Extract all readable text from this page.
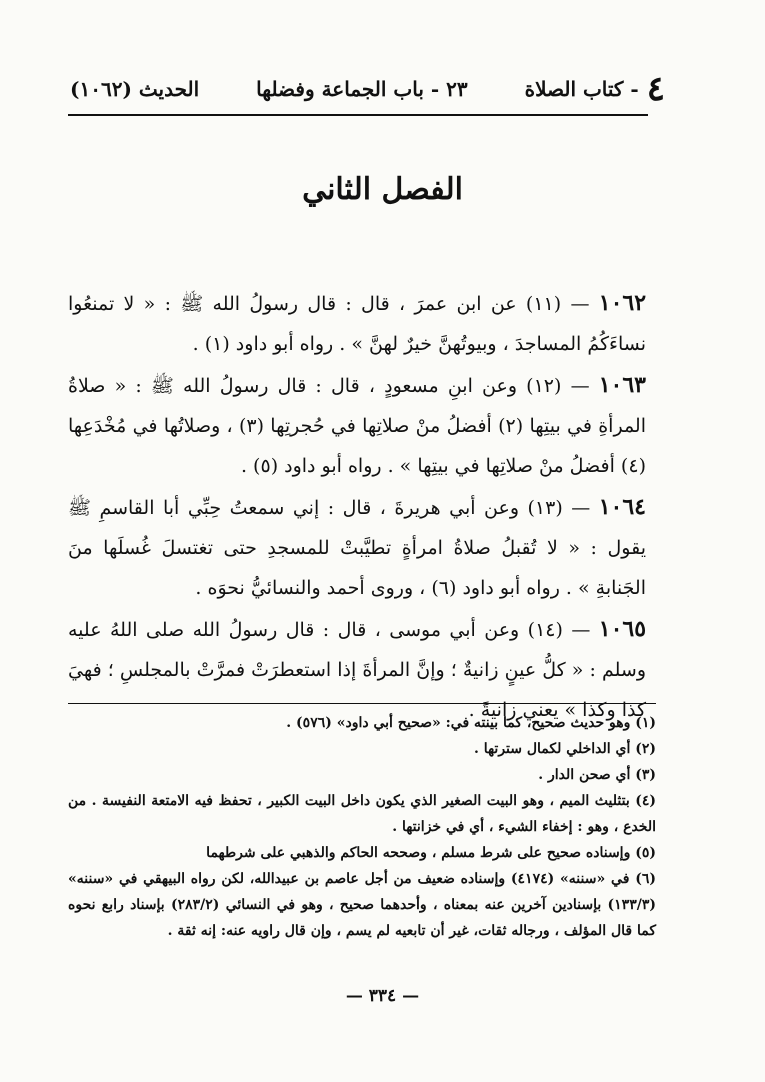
٤
- كتاب الصلاة
٢٣ - باب الجماعة وفضلها
الحديث (١٠٦٢)
الفصل الثاني
١٠٦٢ — (١١) عن ابن عمرَ ، قال : قال رسولُ الله ﷺ : « لا تمنعُوا نساءَكُمُ المساجدَ ، وبيوتُهنَّ خيرٌ لهنَّ » . رواه أبو داود (١) .
١٠٦٣ — (١٢) وعن ابنِ مسعودٍ ، قال : قال رسولُ الله ﷺ : « صلاةُ المرأةِ في بيتِها (٢) أفضلُ منْ صلاتِها في حُجرتِها (٣) ، وصلاتُها في مُخْدَعِها (٤) أفضلُ منْ صلاتِها في بيتِها » . رواه أبو داود (٥) .
١٠٦٤ — (١٣) وعن أبي هريرةَ ، قال : إني سمعتُ حِبِّي أبا القاسمِ ﷺ يقول : « لا تُقبلُ صلاةُ امرأةٍ تطيَّبتْ للمسجدِ حتى تغتسلَ غُسلَها منَ الجَنابةِ » . رواه أبو داود (٦) ، وروى أحمد والنسائيُّ نحوَه .
١٠٦٥ — (١٤) وعن أبي موسى ، قال : قال رسولُ الله صلى اللهُ عليه وسلم : « كلُّ عينٍ زانيةٌ ؛ وإنَّ المرأةَ إذا استعطرَتْ فمرَّتْ بالمجلسِ ؛ فهيَ كذا وكذا » يعني زانيةً .

(١) وهو حديث صحيح، كما بينته في: «صحيح أبي داود» (٥٧٦) .

(٢) أي الداخلي لكمال سترتها .

(٣) أي صحن الدار .

(٤) بتثليث الميم ، وهو البيت الصغير الذي يكون داخل البيت الكبير ، تحفظ فيه الامتعة النفيسة . من الخدع ، وهو : إخفاء الشيء ، أي في خزانتها .

(٥) وإسناده صحيح على شرط مسلم ، وصححه الحاكم والذهبي على شرطهما

(٦) في «سننه» (٤١٧٤) وإسناده ضعيف من أجل عاصم بن عبيدالله، لكن رواه البيهقي في «سننه» (١٣٣/٣) بإسنادين آخرين عنه بمعناه ، وأحدهما صحيح ، وهو في النسائي (٢٨٣/٢) بإسناد رابع نحوه كما قال المؤلف ، ورجاله ثقات، غير أن تابعيه لم يسم ، وإن قال راويه عنه: إنه ثقة .

— ٣٣٤ —
